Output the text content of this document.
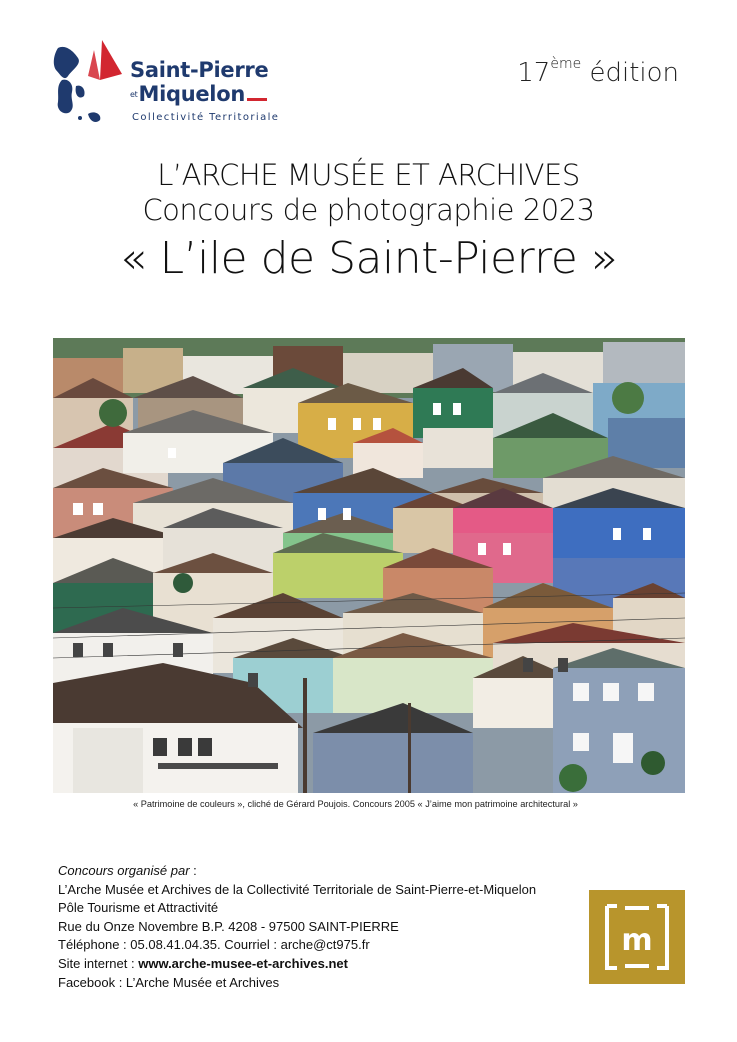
Saint-Pierre
etMiquelon
Collectivité Territoriale
17ème édition
L’ARCHE MUSÉE ET ARCHIVES
Concours de photographie 2023
« L’ile de Saint-Pierre »
« Patrimoine de couleurs », cliché de Gérard Poujois. Concours 2005 « J’aime mon patrimoine architectural »
Concours organisé par :
L’Arche Musée et Archives de la Collectivité Territoriale de Saint-Pierre-et-Miquelon
Pôle Tourisme et Attractivité
Rue du Onze Novembre B.P. 4208 - 97500 SAINT-PIERRE
Téléphone : 05.08.41.04.35. Courriel : arche@ct975.fr
Site internet : www.arche-musee-et-archives.net
Facebook : L’Arche Musée et Archives
m
